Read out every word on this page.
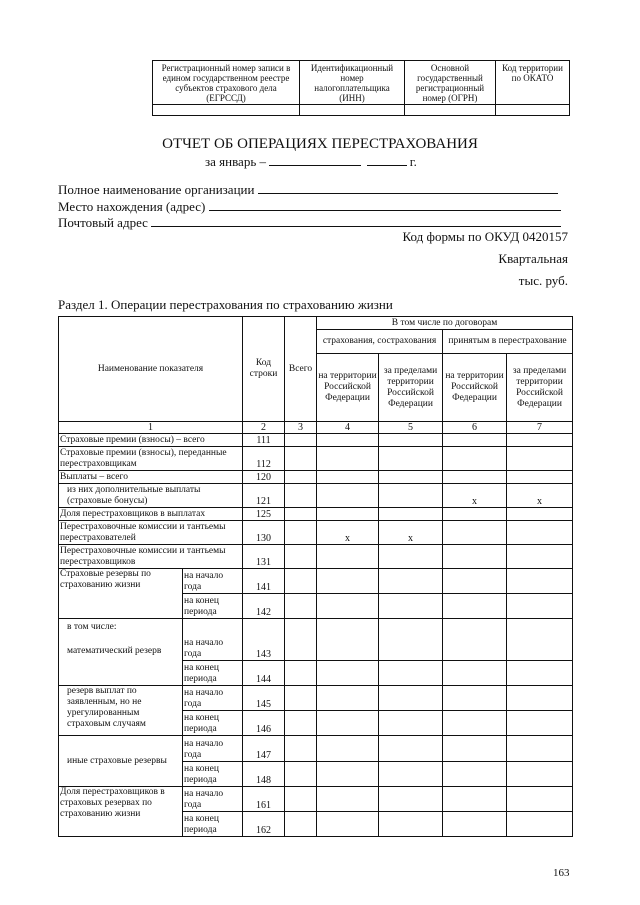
Регистрационный номер записи в едином государственном реестре субъектов страхового дела (ЕГРССД)	Идентификационный номер налогоплательщика (ИНН)	Основной государственный регистрационный номер (ОГРН)	Код территории по ОКАТО

ОТЧЕТ ОБ ОПЕРАЦИЯХ ПЕРЕСТРАХОВАНИЯ
за январь –	г.
Полное наименование организации
Место нахождения (адрес)
Почтовый адрес
Код формы по ОКУД 0420157
Квартальная
тыс. руб.
Раздел 1. Операции перестрахования по страхованию жизни
Наименование показателя		Код строки	Всего	В том числе по договорам			
				страхования, сострахования		принятым в перестрахование	
				на территории Российской Федерации	за пределами территории Российской Федерации	на территории Российской Федерации	за пределами территории Российской Федерации
1		2	3	4	5	6	7
Страховые премии (взносы) – всего		111					
Страховые премии (взносы), переданные перестраховщикам		112					
Выплаты – всего		120					
из них дополнительные выплаты (страховые бонусы)		121				x	x
Доля перестраховщиков в выплатах		125					
Перестраховочные комиссии и тантьемы перестрахователей		130		x	x		
Перестраховочные комиссии и тантьемы перестраховщиков		131					
Страховые резервы по страхованию жизни	на начало года	141					
	на конец периода	142					

в том числе:
математический резерв	на начало года	143					
	на конец периода	144					
резерв выплат по заявленным, но не урегулированным страховым случаям	на начало года	145					
	на конец периода	146					
иные страховые резервы	на начало года	147					
	на конец периода	148					
Доля перестраховщиков в страховых резервах по страхованию жизни	на начало года	161					
	на конец периода	162					
163
